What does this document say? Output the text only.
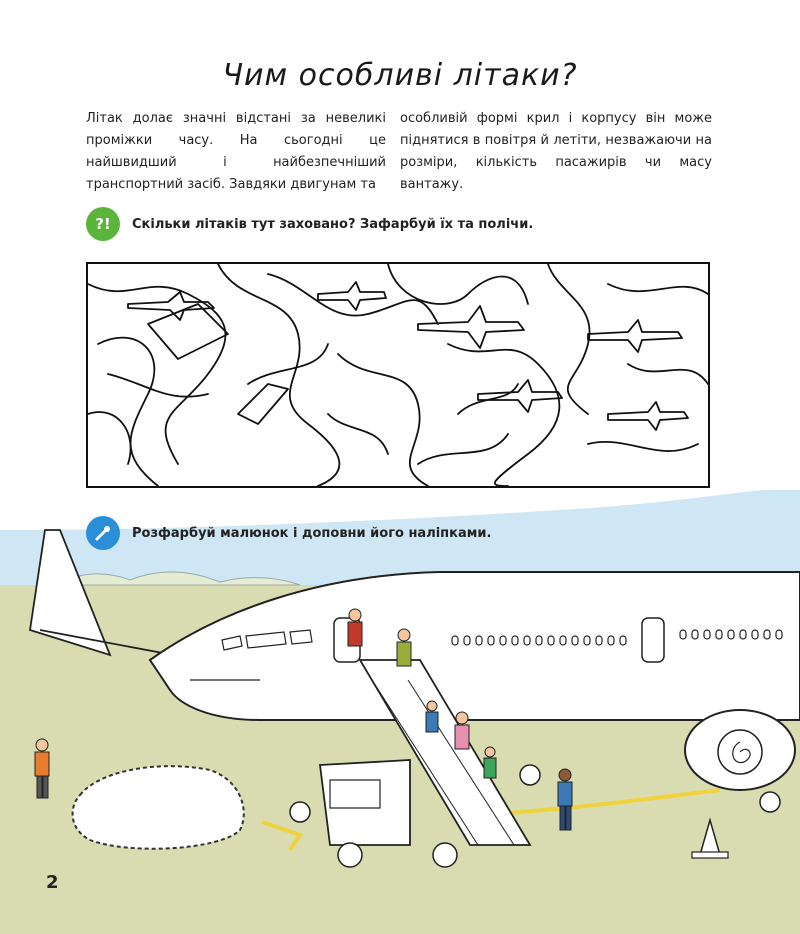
Чим особливі літаки?
Літак долає значні відстані за невеликі проміжки часу. На сьогодні це найшвидший і найбезпечніший транспортний засіб. Завдяки двигунам та
особливій формі крил і корпусу він може піднятися в повітря й летіти, незважаючи на розміри, кількість пасажирів чи масу вантажу.
?!	Скільки літаків тут заховано? Зафарбуй їх та полічи.
Розфарбуй малюнок і доповни його наліпками.
2
